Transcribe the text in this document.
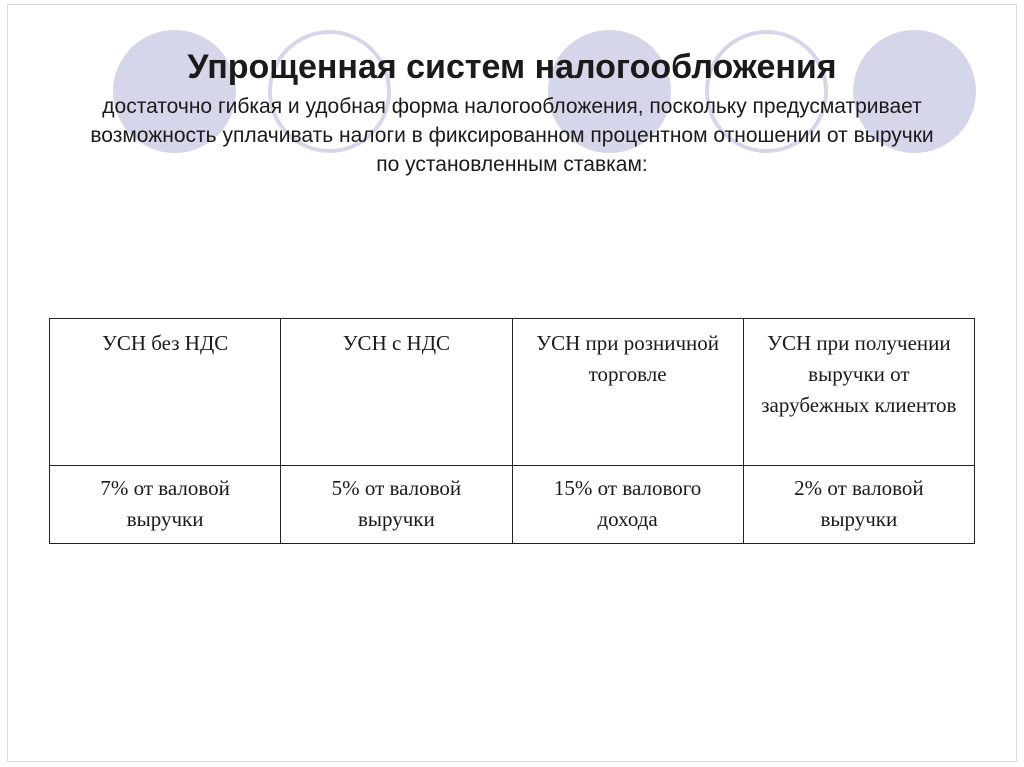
Упрощенная систем налогообложения
достаточно гибкая и удобная форма налогообложения, поскольку предусматривает возможность уплачивать налоги в фиксированном процентном отношении от выручки по установленным ставкам:
УСН без НДС	УСН с НДС	УСН при розничной торговле	УСН при получении выручки от зарубежных клиентов
7% от валовой выручки	5% от валовой выручки	15% от валового дохода	2% от валовой выручки
